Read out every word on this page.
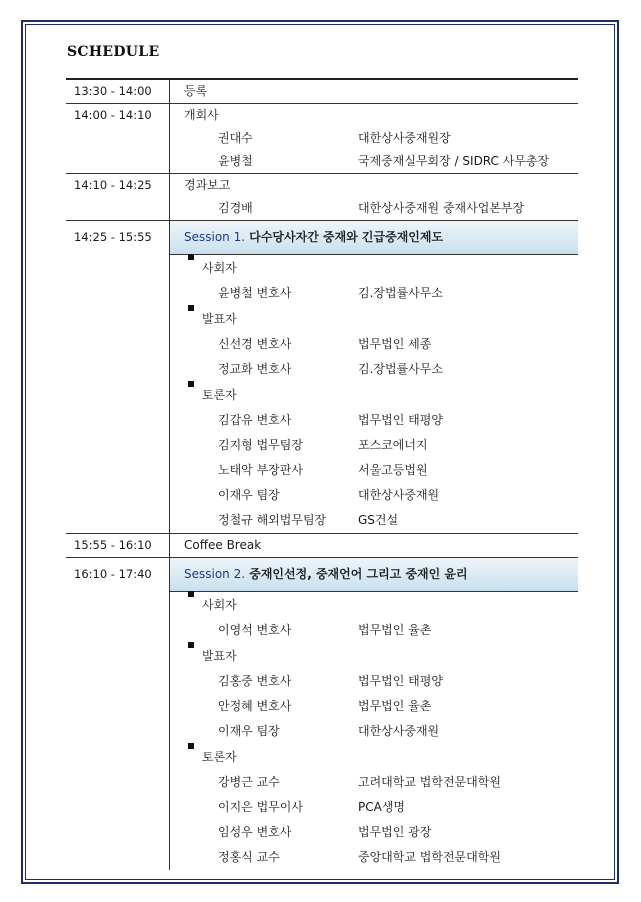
SCHEDULE
13:30 - 14:00	등록
14:00 - 14:10	개회사
권대수	대한상사중재원장
윤병철	국제중재실무회장 / SIDRC 사무총장
14:10 - 14:25	경과보고
김경배	대한상사중재원 중재사업본부장
14:25 - 15:55	Session 1. 다수당사자간 중재와 긴급중재인제도
사회자
윤병철 변호사	김.장법률사무소
발표자
신선경 변호사	법무법인 세종
정교화 변호사	김.장법률사무소
토론자
김갑유 변호사	법무법인 태평양
김지형 법무팀장	포스코에너지
노태악 부장판사	서울고등법원
이재우 팀장	대한상사중재원
정철규 해외법무팀장	GS건설
15:55 - 16:10	Coffee Break
16:10 - 17:40	Session 2. 중재인선정, 중재언어 그리고 중재인 윤리
사회자
이영석 변호사	법무법인 율촌
발표자
김홍중 변호사	법무법인 태평양
안정혜 변호사	법무법인 율촌
이재우 팀장	대한상사중재원
토론자
강병근 교수	고려대학교 법학전문대학원
이지은 법무이사	PCA생명
임성우 변호사	법무법인 광장
정홍식 교수	중앙대학교 법학전문대학원
